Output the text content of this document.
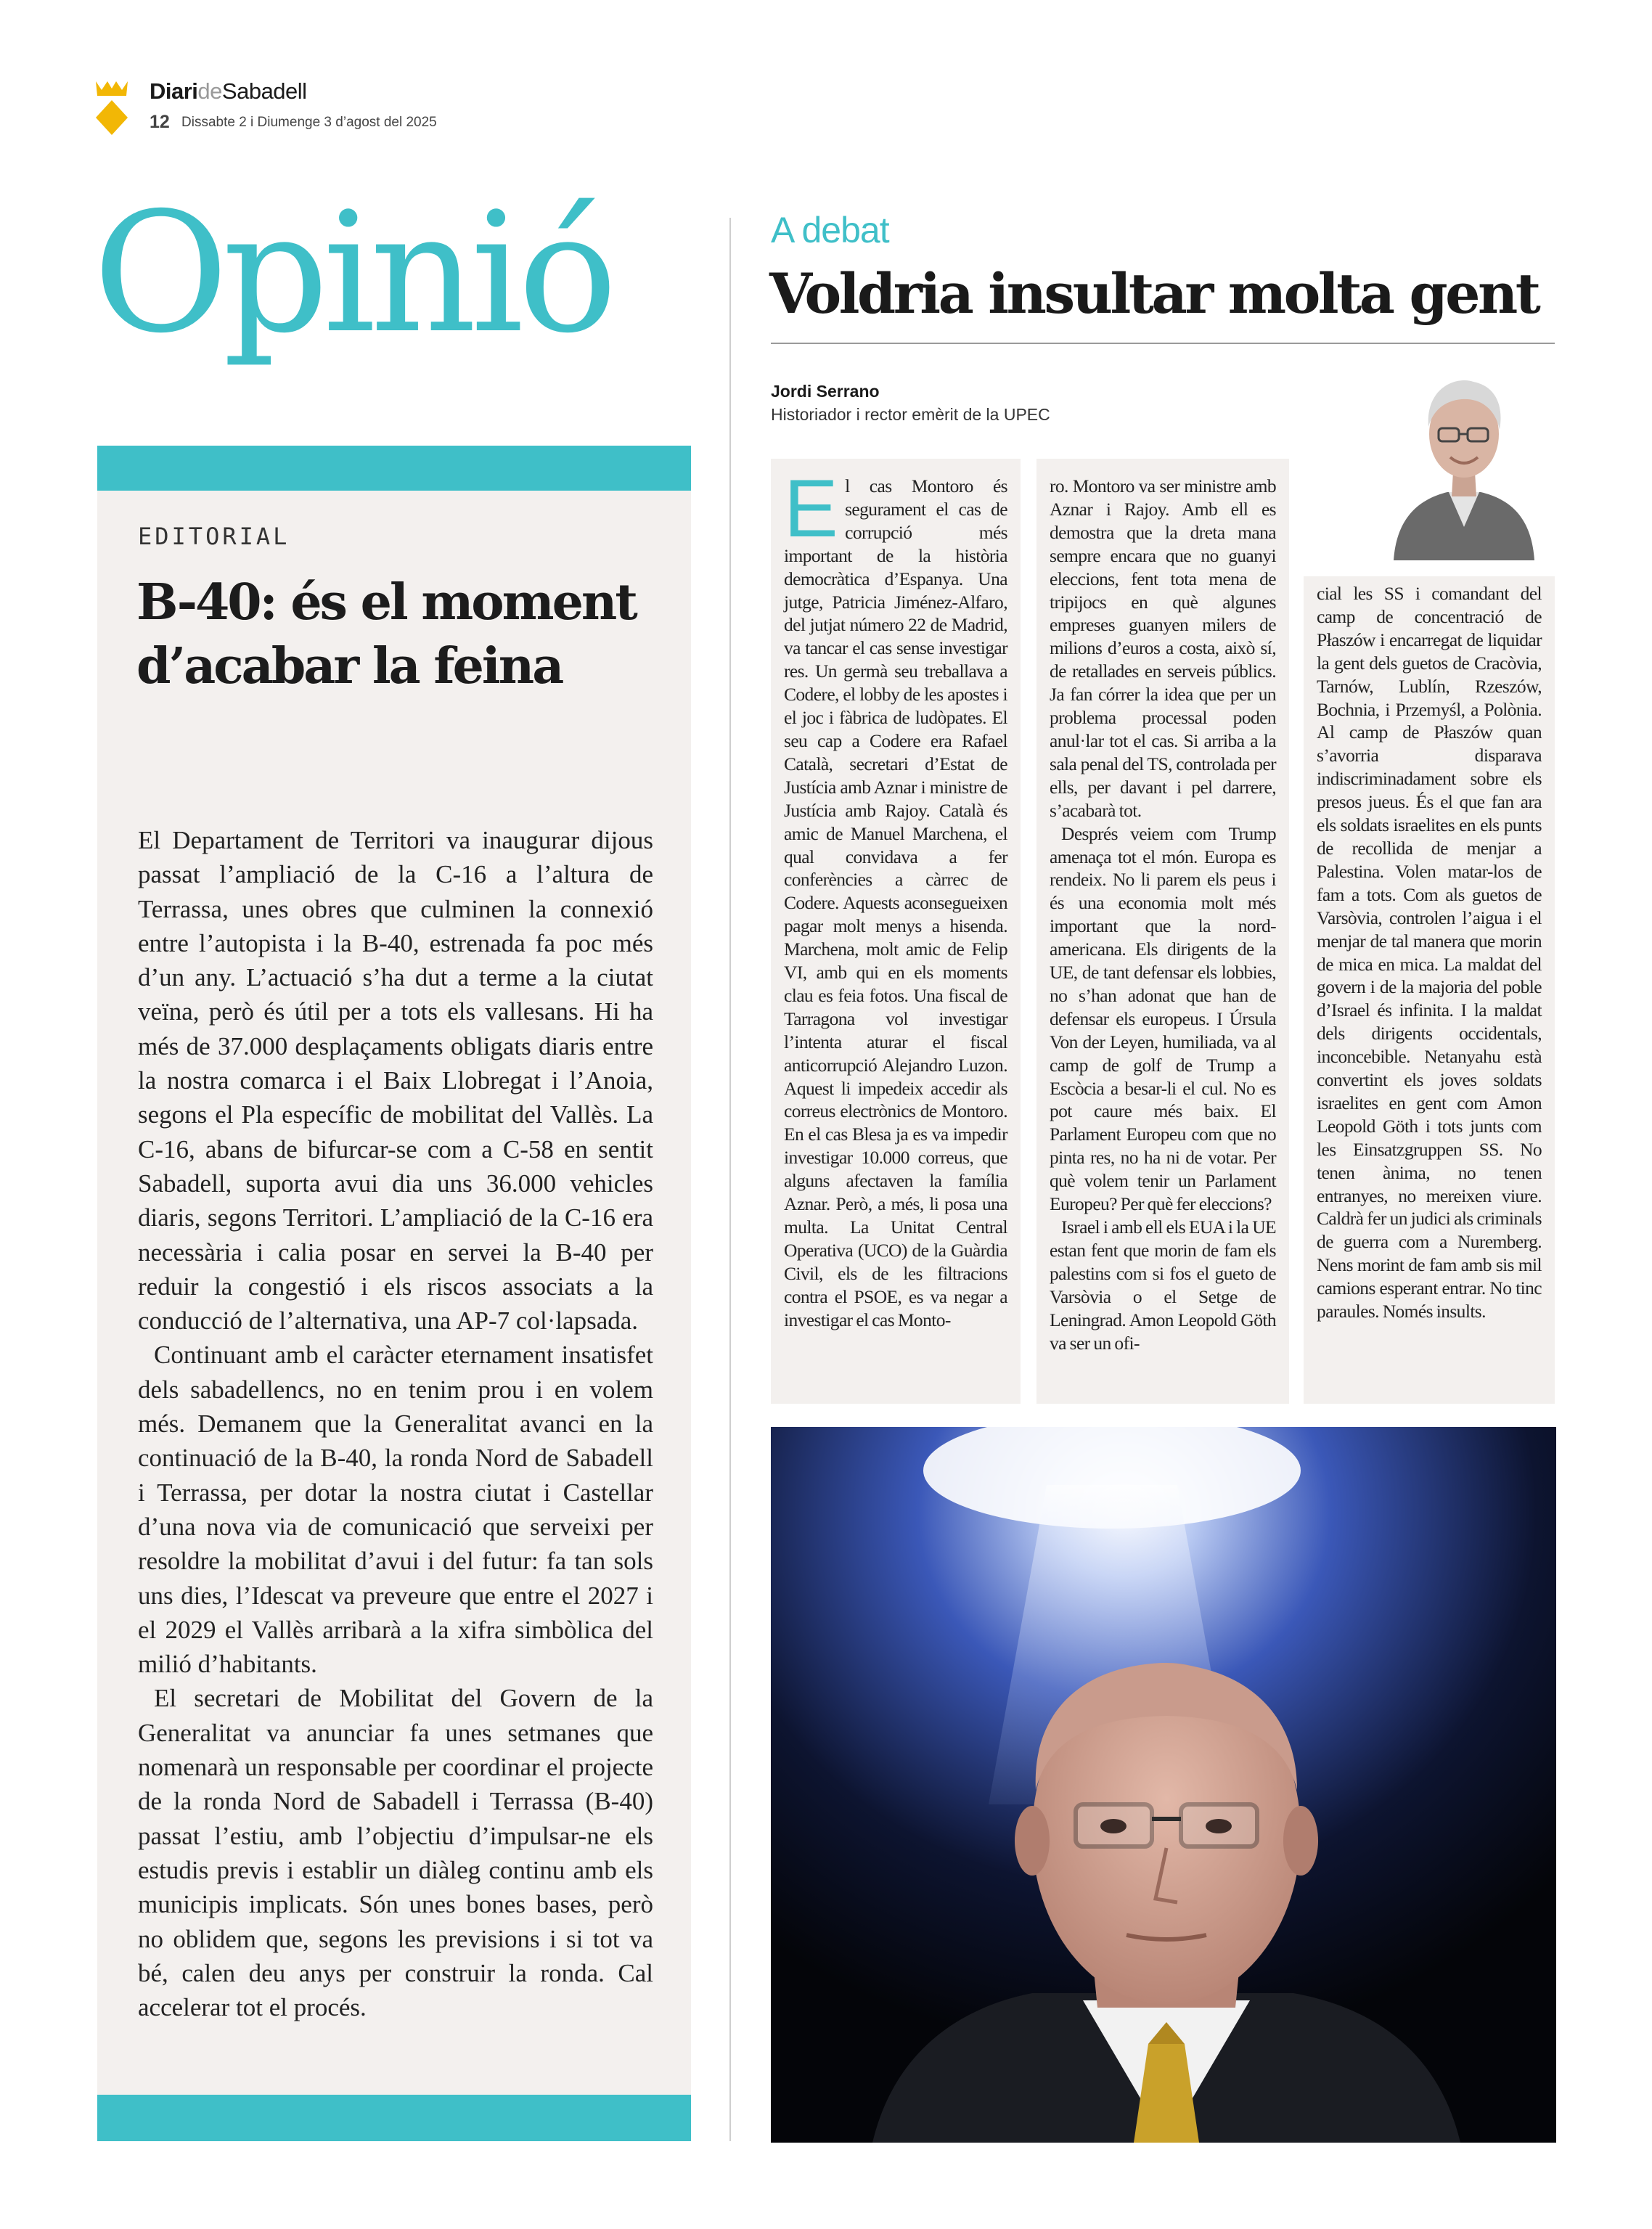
DiarideSabadell
12 Dissabte 2 i Diumenge 3 d’agost del 2025
Opinió
EDITORIAL
B-40: és el moment d’acabar la feina

El Departament de Territori va inaugurar dijous passat l’ampliació de la C-16 a l’altura de Terrassa, unes obres que culminen la connexió entre l’autopista i la B-40, estrenada fa poc més d’un any. L’actuació s’ha dut a terme a la ciutat veïna, però és útil per a tots els vallesans. Hi ha més de 37.000 desplaçaments obligats diaris entre la nostra comarca i el Baix Llobregat i l’Anoia, segons el Pla específic de mobilitat del Vallès. La C-16, abans de bifurcar-se com a C-58 en sentit Sabadell, suporta avui dia uns 36.000 vehicles diaris, segons Territori. L’ampliació de la C-16 era necessària i calia posar en servei la B-40 per reduir la congestió i els riscos associats a la conducció de l’alternativa, una AP-7 col·lapsada.

Continuant amb el caràcter eternament insatisfet dels sabadellencs, no en tenim prou i en volem més. Demanem que la Generalitat avanci en la continuació de la B-40, la ronda Nord de Sabadell i Terrassa, per dotar la nostra ciutat i Castellar d’una nova via de comunicació que serveixi per resoldre la mobilitat d’avui i del futur: fa tan sols uns dies, l’Idescat va preveure que entre el 2027 i el 2029 el Vallès arribarà a la xifra simbòlica del milió d’habitants.

El secretari de Mobilitat del Govern de la Generalitat va anunciar fa unes setmanes que nomenarà un responsable per coordinar el projecte de la ronda Nord de Sabadell i Terrassa (B-40) passat l’estiu, amb l’objectiu d’impulsar-ne els estudis previs i establir un diàleg continu amb els municipis implicats. Són unes bones bases, però no oblidem que, segons les previsions i si tot va bé, calen deu anys per construir la ronda. Cal accelerar tot el procés.

A debat
Voldria insultar molta gent
Jordi Serrano
Historiador i rector emèrit de la UPEC

El cas Montoro és segurament el cas de corrupció més important de la història democràtica d’Espanya. Una jutge, Patricia Jiménez-Alfaro, del jutjat número 22 de Madrid, va tancar el cas sense investigar res. Un germà seu treballava a Codere, el lobby de les apostes i el joc i fàbrica de ludòpates. El seu cap a Codere era Rafael Català, secretari d’Estat de Justícia amb Aznar i ministre de Justícia amb Rajoy. Català és amic de Manuel Marchena, el qual convidava a fer conferències a càrrec de Codere. Aquests aconsegueixen pagar molt menys a hisenda. Marchena, molt amic de Felip VI, amb qui en els moments clau es feia fotos. Una fiscal de Tarragona vol investigar l’intenta aturar el fiscal anticorrupció Alejandro Luzon. Aquest li impedeix accedir als correus electrònics de Montoro. En el cas Blesa ja es va impedir investigar 10.000 correus, que alguns afectaven la família Aznar. Però, a més, li posa una multa. La Unitat Central Operativa (UCO) de la Guàrdia Civil, els de les filtracions contra el PSOE, es va negar a investigar el cas Monto-

ro. Montoro va ser ministre amb Aznar i Rajoy. Amb ell es demostra que la dreta mana sempre encara que no guanyi eleccions, fent tota mena de tripijocs en què algunes empreses guanyen milers de milions d’euros a costa, això sí, de retallades en serveis públics. Ja fan córrer la idea que per un problema processal poden anul·lar tot el cas. Si arriba a la sala penal del TS, controlada per ells, per davant i pel darrere, s’acabarà tot.

Després veiem com Trump amenaça tot el món. Europa es rendeix. No li parem els peus i és una economia molt més important que la nord-americana. Els dirigents de la UE, de tant defensar els lobbies, no s’han adonat que han de defensar els europeus. I Úrsula Von der Leyen, humiliada, va al camp de golf de Trump a Escòcia a besar-li el cul. No es pot caure més baix. El Parlament Europeu com que no pinta res, no ha ni de votar. Per què volem tenir un Parlament Europeu? Per què fer eleccions?

Israel i amb ell els EUA i la UE estan fent que morin de fam els palestins com si fos el gueto de Varsòvia o el Setge de Leningrad. Amon Leopold Göth va ser un ofi-

cial les SS i comandant del camp de concentració de Płaszów i encarregat de liquidar la gent dels guetos de Cracòvia, Tarnów, Lublín, Rzeszów, Bochnia, i Przemyśl, a Polònia. Al camp de Płaszów quan s’avorria disparava indiscriminadament sobre els presos jueus. És el que fan ara els soldats israelites en els punts de recollida de menjar a Palestina. Volen matar-los de fam a tots. Com als guetos de Varsòvia, controlen l’aigua i el menjar de tal manera que morin de mica en mica. La maldat del govern i de la majoria del poble d’Israel és infinita. I la maldat dels dirigents occidentals, inconcebible. Netanyahu està convertint els joves soldats israelites en gent com Amon Leopold Göth i tots junts com les Einsatzgruppen SS. No tenen ànima, no tenen entranyes, no mereixen viure. Caldrà fer un judici als criminals de guerra com a Nuremberg. Nens morint de fam amb sis mil camions esperant entrar. No tinc paraules. Només insults.
